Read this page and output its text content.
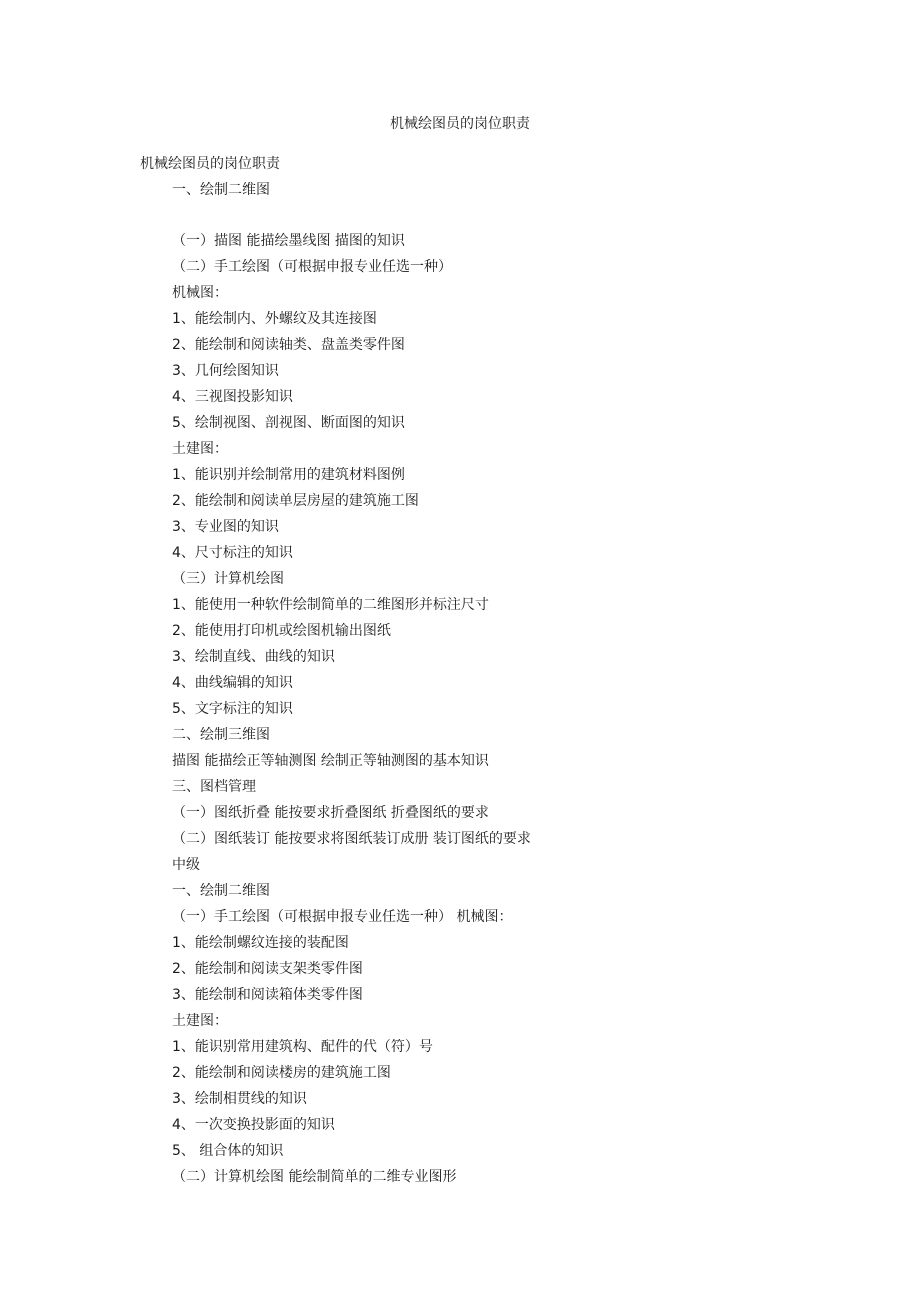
机械绘图员的岗位职责
机械绘图员的岗位职责
一、绘制二维图
（一）描图 能描绘墨线图 描图的知识
（二）手工绘图（可根据申报专业任选一种）
机械图：
1、能绘制内、外螺纹及其连接图
2、能绘制和阅读轴类、盘盖类零件图
3、几何绘图知识
4、三视图投影知识
5、绘制视图、剖视图、断面图的知识
土建图：
1、能识别并绘制常用的建筑材料图例
2、能绘制和阅读单层房屋的建筑施工图
3、专业图的知识
4、尺寸标注的知识
（三）计算机绘图
1、能使用一种软件绘制简单的二维图形并标注尺寸
2、能使用打印机或绘图机输出图纸
3、绘制直线、曲线的知识
4、曲线编辑的知识
5、文字标注的知识
二、绘制三维图
描图 能描绘正等轴测图 绘制正等轴测图的基本知识
三、图档管理
（一）图纸折叠 能按要求折叠图纸 折叠图纸的要求
（二）图纸装订 能按要求将图纸装订成册 装订图纸的要求
中级
一、绘制二维图
（一）手工绘图（可根据申报专业任选一种） 机械图：
1、能绘制螺纹连接的装配图
2、能绘制和阅读支架类零件图
3、能绘制和阅读箱体类零件图
土建图：
1、能识别常用建筑构、配件的代（符）号
2、能绘制和阅读楼房的建筑施工图
3、绘制相贯线的知识
4、一次变换投影面的知识
5、 组合体的知识
（二）计算机绘图 能绘制简单的二维专业图形
